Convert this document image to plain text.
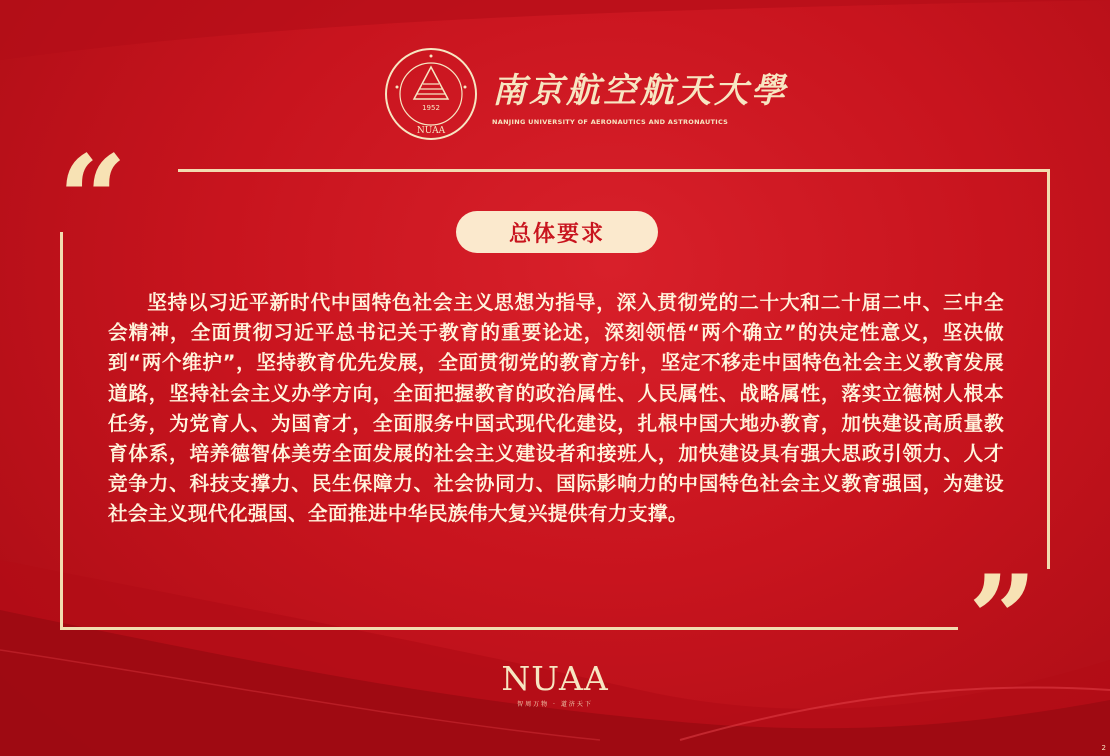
1952
NUAA
南京航空航天大學
NANJING UNIVERSITY OF AERONAUTICS AND ASTRONAUTICS
“
”
总体要求
坚持以习近平新时代中国特色社会主义思想为指导，深入贯彻党的二十大和二十届二中、三中全会精神，全面贯彻习近平总书记关于教育的重要论述，深刻领悟“两个确立”的决定性意义，坚决做到“两个维护”，坚持教育优先发展，全面贯彻党的教育方针，坚定不移走中国特色社会主义教育发展道路，坚持社会主义办学方向，全面把握教育的政治属性、人民属性、战略属性，落实立德树人根本任务，为党育人、为国育才，全面服务中国式现代化建设，扎根中国大地办教育，加快建设高质量教育体系，培养德智体美劳全面发展的社会主义建设者和接班人，加快建设具有强大思政引领力、人才竞争力、科技支撑力、民生保障力、社会协同力、国际影响力的中国特色社会主义教育强国，为建设社会主义现代化强国、全面推进中华民族伟大复兴提供有力支撑。
NUAA
智周万物 · 道济天下
2
